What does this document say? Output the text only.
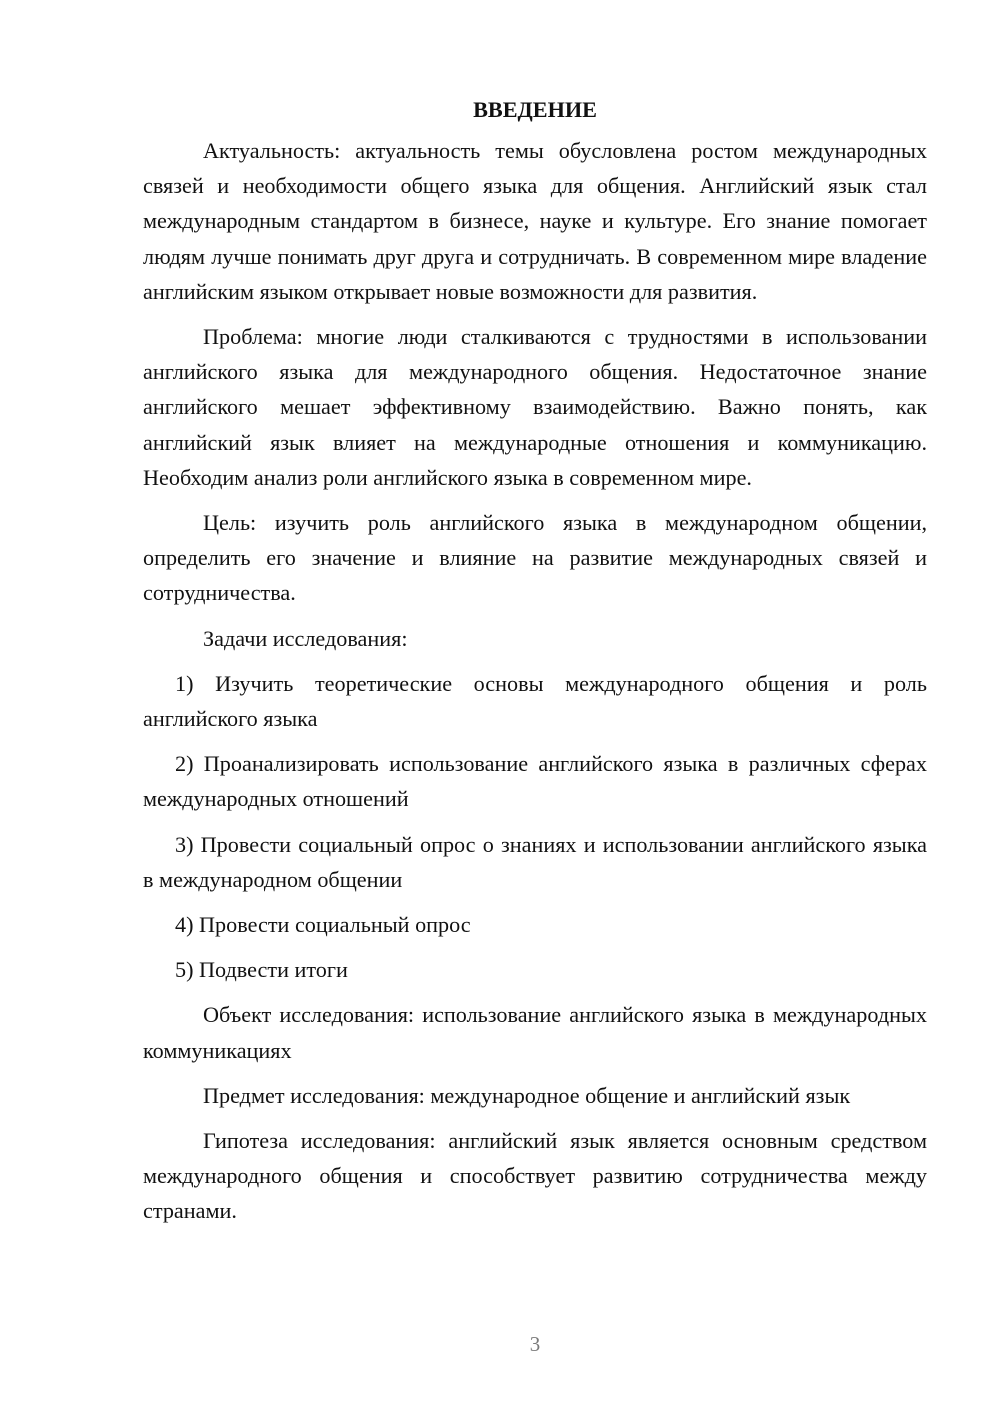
ВВЕДЕНИЕ

Актуальность: актуальность темы обусловлена ростом международных связей и необходимости общего языка для общения. Английский язык стал международным стандартом в бизнесе, науке и культуре. Его знание помогает людям лучше понимать друг друга и сотрудничать. В современном мире владение английским языком открывает новые возможности для развития.

Проблема: многие люди сталкиваются с трудностями в использовании английского языка для международного общения. Недостаточное знание английского мешает эффективному взаимодействию. Важно понять, как английский язык влияет на международные отношения и коммуникацию. Необходим анализ роли английского языка в современном мире.

Цель: изучить роль английского языка в международном общении, определить его значение и влияние на развитие международных связей и сотрудничества.

Задачи исследования:

1) Изучить теоретические основы международного общения и роль английского языка

2) Проанализировать использование английского языка в различных сферах международных отношений

3) Провести социальный опрос о знаниях и использовании английского языка в международном общении

4) Провести социальный опрос

5) Подвести итоги

Объект исследования: использование английского языка в международных коммуникациях

Предмет исследования: международное общение и английский язык

Гипотеза исследования: английский язык является основным средством международного общения и способствует развитию сотрудничества между странами.

3
